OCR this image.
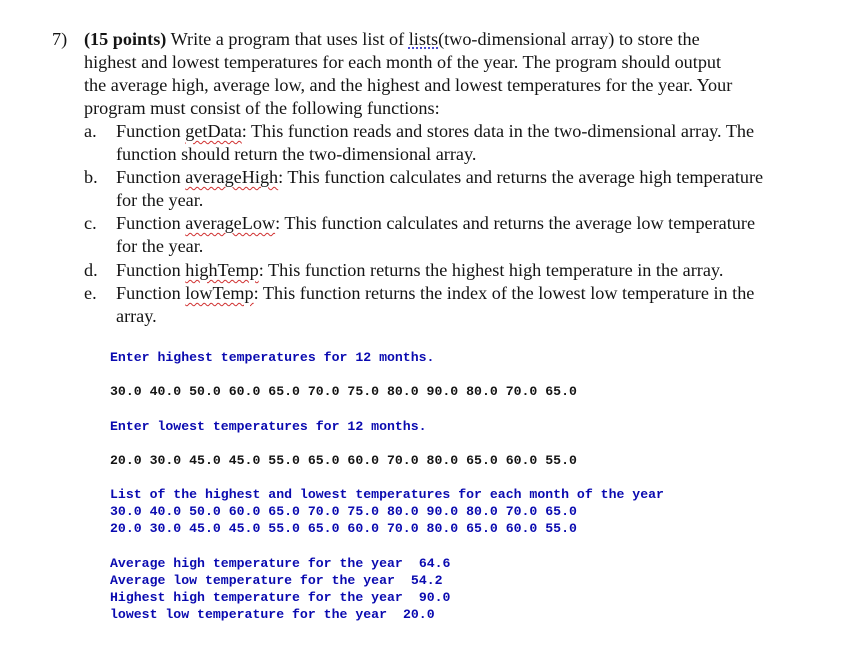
7) (15 points) Write a program that uses list of lists(two-dimensional array) to store the
highest and lowest temperatures for each month of the year. The program should output
the average high, average low, and the highest and lowest temperatures for the year. Your
program must consist of the following functions:
a. Function getData: This function reads and stores data in the two-dimensional array. The
function should return the two-dimensional array.
b. Function averageHigh: This function calculates and returns the average high temperature
for the year.
c. Function averageLow: This function calculates and returns the average low temperature
for the year.
d. Function highTemp: This function returns the highest high temperature in the array.
e. Function lowTemp: This function returns the index of the lowest low temperature in the
array.
Enter highest temperatures for 12 months.
30.0 40.0 50.0 60.0 65.0 70.0 75.0 80.0 90.0 80.0 70.0 65.0
Enter lowest temperatures for 12 months.
20.0 30.0 45.0 45.0 55.0 65.0 60.0 70.0 80.0 65.0 60.0 55.0
List of the highest and lowest temperatures for each month of the year
30.0 40.0 50.0 60.0 65.0 70.0 75.0 80.0 90.0 80.0 70.0 65.0
20.0 30.0 45.0 45.0 55.0 65.0 60.0 70.0 80.0 65.0 60.0 55.0
Average high temperature for the year 64.6
Average low temperature for the year 54.2
Highest high temperature for the year 90.0
lowest low temperature for the year 20.0
